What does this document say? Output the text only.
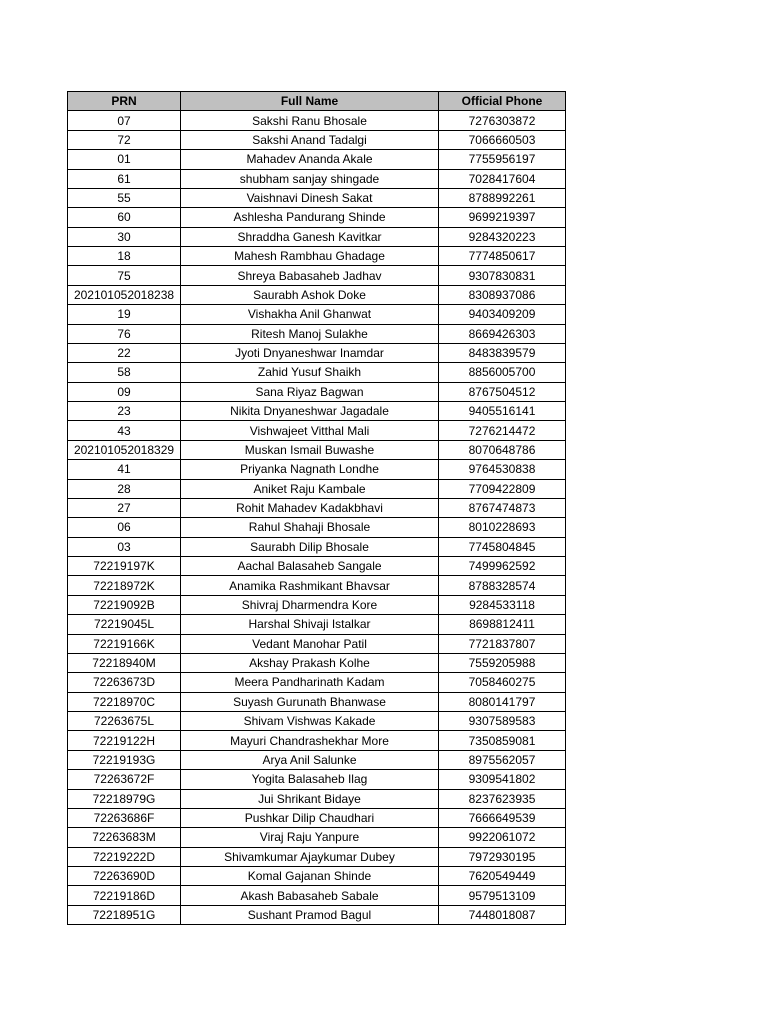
PRN	Full Name	Official Phone
07	Sakshi Ranu Bhosale	7276303872
72	Sakshi Anand Tadalgi	7066660503
01	Mahadev Ananda Akale	7755956197
61	shubham sanjay shingade	7028417604
55	Vaishnavi Dinesh Sakat	8788992261
60	Ashlesha Pandurang Shinde	9699219397
30	Shraddha Ganesh Kavitkar	9284320223
18	Mahesh Rambhau Ghadage	7774850617
75	Shreya Babasaheb Jadhav	9307830831
202101052018238	Saurabh Ashok Doke	8308937086
19	Vishakha Anil Ghanwat	9403409209
76	Ritesh Manoj Sulakhe	8669426303
22	Jyoti Dnyaneshwar Inamdar	8483839579
58	Zahid Yusuf Shaikh	8856005700
09	Sana Riyaz Bagwan	8767504512
23	Nikita Dnyaneshwar Jagadale	9405516141
43	Vishwajeet Vitthal Mali	7276214472
202101052018329	Muskan Ismail Buwashe	8070648786
41	Priyanka Nagnath Londhe	9764530838
28	Aniket Raju Kambale	7709422809
27	Rohit Mahadev Kadakbhavi	8767474873
06	Rahul Shahaji Bhosale	8010228693
03	Saurabh Dilip Bhosale	7745804845
72219197K	Aachal Balasaheb Sangale	7499962592
72218972K	Anamika Rashmikant Bhavsar	8788328574
72219092B	Shivraj Dharmendra Kore	9284533118
72219045L	Harshal Shivaji Istalkar	8698812411
72219166K	Vedant Manohar Patil	7721837807
72218940M	Akshay Prakash Kolhe	7559205988
72263673D	Meera Pandharinath Kadam	7058460275
72218970C	Suyash Gurunath Bhanwase	8080141797
72263675L	Shivam Vishwas Kakade	9307589583
72219122H	Mayuri Chandrashekhar More	7350859081
72219193G	Arya Anil Salunke	8975562057
72263672F	Yogita Balasaheb Ilag	9309541802
72218979G	Jui Shrikant Bidaye	8237623935
72263686F	Pushkar Dilip Chaudhari	7666649539
72263683M	Viraj Raju Yanpure	9922061072
72219222D	Shivamkumar Ajaykumar Dubey	7972930195
72263690D	Komal Gajanan Shinde	7620549449
72219186D	Akash Babasaheb Sabale	9579513109
72218951G	Sushant Pramod Bagul	7448018087
